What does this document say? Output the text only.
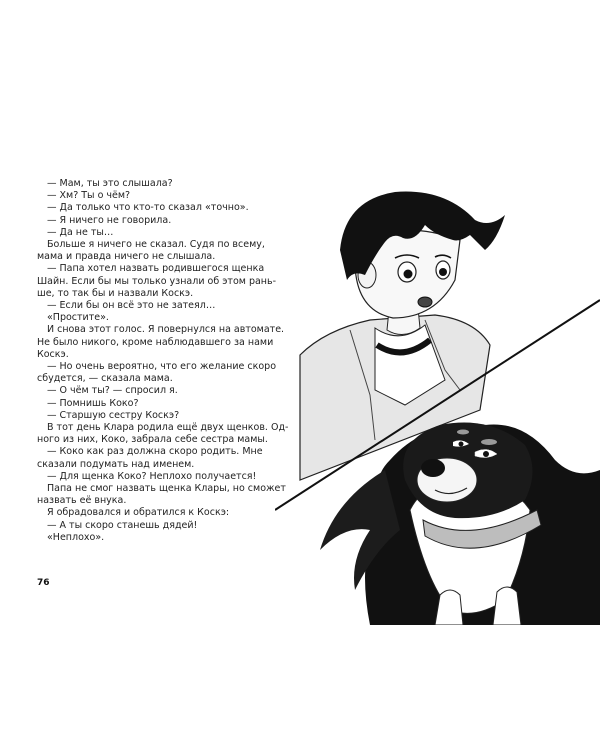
— Мам, ты это слышала?

— Хм? Ты о чём?

— Да только что кто-то сказал «точно».

— Я ничего не говорила.

— Да не ты…

Больше я ничего не сказал. Судя по всему,

мама и правда ничего не слышала.

— Папа хотел назвать родившегося щенка

Шайн. Если бы мы только узнали об этом рань-

ше, то так бы и назвали Коскэ.

— Если бы он всё это не затеял…

«Простите».

И снова этот голос. Я повернулся на автомате.

Не было никого, кроме наблюдавшего за нами

Коскэ.

— Но очень вероятно, что его желание скоро

сбудется, — сказала мама.

— О чём ты? — спросил я.

— Помнишь Коко?

— Старшую сестру Коскэ?

В тот день Клара родила ещё двух щенков. Од-

ного из них, Коко, забрала себе сестра мамы.

— Коко как раз должна скоро родить. Мне

сказали подумать над именем.

— Для щенка Коко? Неплохо получается!

Папа не смог назвать щенка Клары, но сможет

назвать её внука.

Я обрадовался и обратился к Коскэ:

— А ты скоро станешь дядей!

«Неплохо».

76
